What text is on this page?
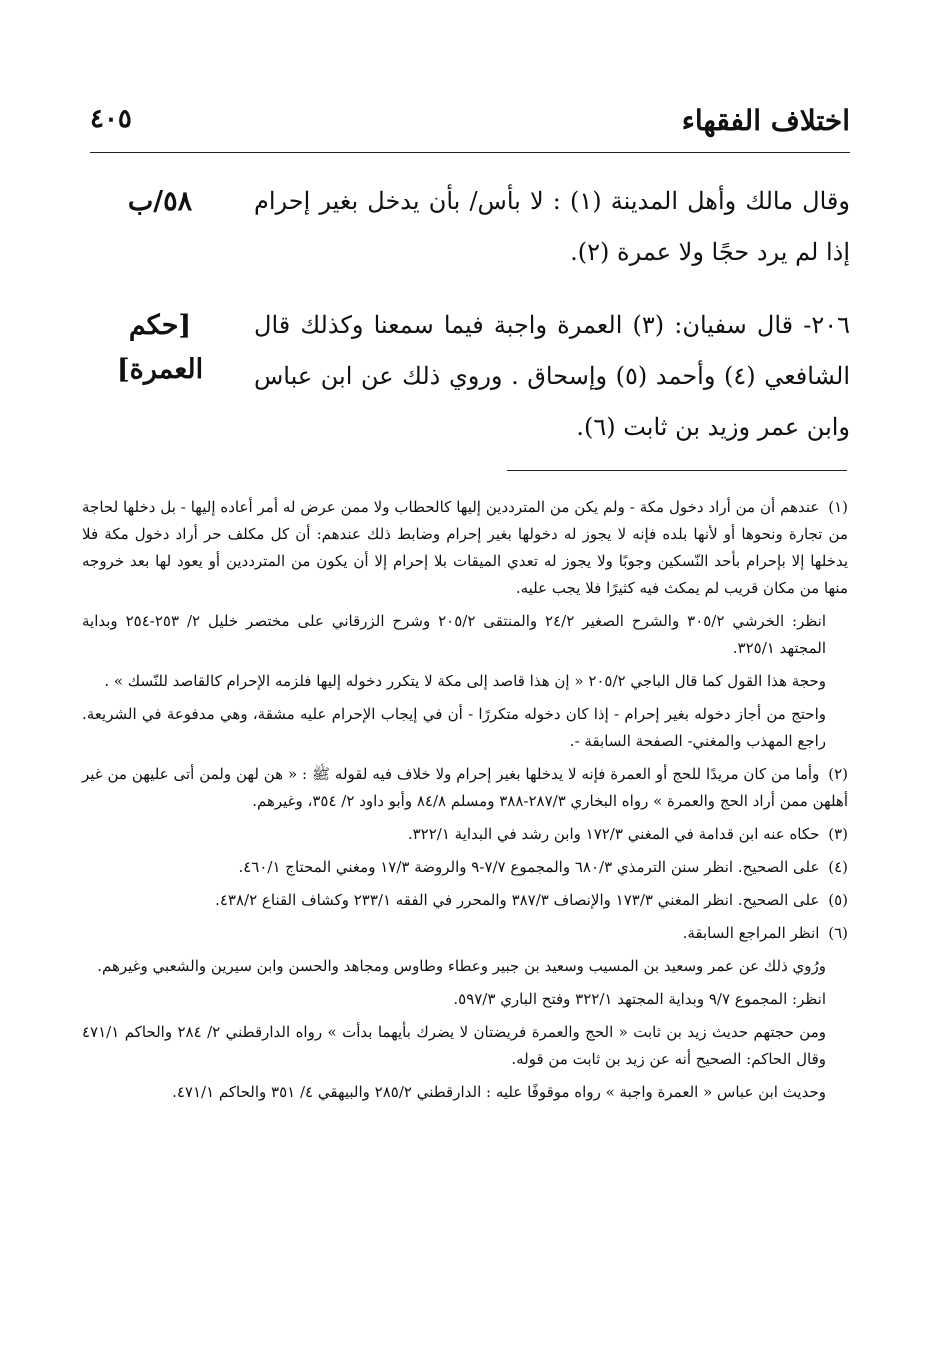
اختلاف الفقهاء
٤٠٥
٥٨/ب	وقال مالك وأهل المدينة (١) : لا بأس/ بأن يدخل بغير إحرام إذا لم يرد حجًا ولا عمرة (٢).
[حكم العمرة]
٢٠٦- قال سفيان: (٣) العمرة واجبة فيما سمعنا وكذلك قال الشافعي (٤) وأحمد (٥) وإسحاق . وروي ذلك عن ابن عباس وابن عمر وزيد بن ثابت (٦).

(١) عندهم أن من أراد دخول مكة - ولم يكن من المترددين إليها كالحطاب ولا ممن عرض له أمر أعاده إليها - بل دخلها لحاجة من تجارة ونحوها أو لأنها بلده فإنه لا يجوز له دخولها بغير إحرام وضابط ذلك عندهم: أن كل مكلف حر أراد دخول مكة فلا يدخلها إلا بإحرام بأحد النّسكين وجوبًا ولا يجوز له تعدي الميقات بلا إحرام إلا أن يكون من المترددين أو يعود لها بعد خروجه منها من مكان قريب لم يمكث فيه كثيرًا فلا يجب عليه.

انظر: الخرشي ٣٠٥/٢ والشرح الصغير ٢٤/٢ والمنتقى ٢٠٥/٢ وشرح الزرقاني على مختصر خليل ٢/ ٢٥٣-٢٥٤ وبداية المجتهد ٣٢٥/١.

وحجة هذا القول كما قال الباجي ٢٠٥/٢ « إن هذا قاصد إلى مكة لا يتكرر دخوله إليها فلزمه الإحرام كالقاصد للنّسك » .

واحتج من أجاز دخوله بغير إحرام - إذا كان دخوله متكررًا - أن في إيجاب الإحرام عليه مشقة، وهي مدفوعة في الشريعة. راجع المهذب والمغني- الصفحة السابقة -.

(٢) وأما من كان مريدًا للحج أو العمرة فإنه لا يدخلها بغير إحرام ولا خلاف فيه لقوله ﷺ : « هن لهن ولمن أتى عليهن من غير أهلهن ممن أراد الحج والعمرة » رواه البخاري ٢٨٧/٣-٣٨٨ ومسلم ٨٤/٨ وأبو داود ٢/ ٣٥٤، وغيرهم.

(٣) حكاه عنه ابن قدامة في المغني ١٧٢/٣ وابن رشد في البداية ٣٢٢/١.

(٤) على الصحيح. انظر سنن الترمذي ٦٨٠/٣ والمجموع ٧/٧-٩ والروضة ١٧/٣ ومغني المحتاج ٤٦٠/١.

(٥) على الصحيح. انظر المغني ١٧٣/٣ والإنصاف ٣٨٧/٣ والمحرر في الفقه ٢٣٣/١ وكشاف القناع ٤٣٨/٢.

(٦) انظر المراجع السابقة.

ورُوي ذلك عن عمر وسعيد بن المسيب وسعيد بن جبير وعطاء وطاوس ومجاهد والحسن وابن سيرين والشعبي وغيرهم.

انظر: المجموع ٩/٧ وبداية المجتهد ٣٢٢/١ وفتح الباري ٥٩٧/٣.

ومن حجتهم حديث زيد بن ثابت « الحج والعمرة فريضتان لا يضرك بأيهما بدأت » رواه الدارقطني ٢/ ٢٨٤ والحاكم ٤٧١/١ وقال الحاكم: الصحيح أنه عن زيد بن ثابت من قوله.

وحديث ابن عباس « العمرة واجبة » رواه موقوفًا عليه : الدارقطني ٢٨٥/٢ والبيهقي ٤/ ٣٥١ والحاكم ٤٧١/١.
